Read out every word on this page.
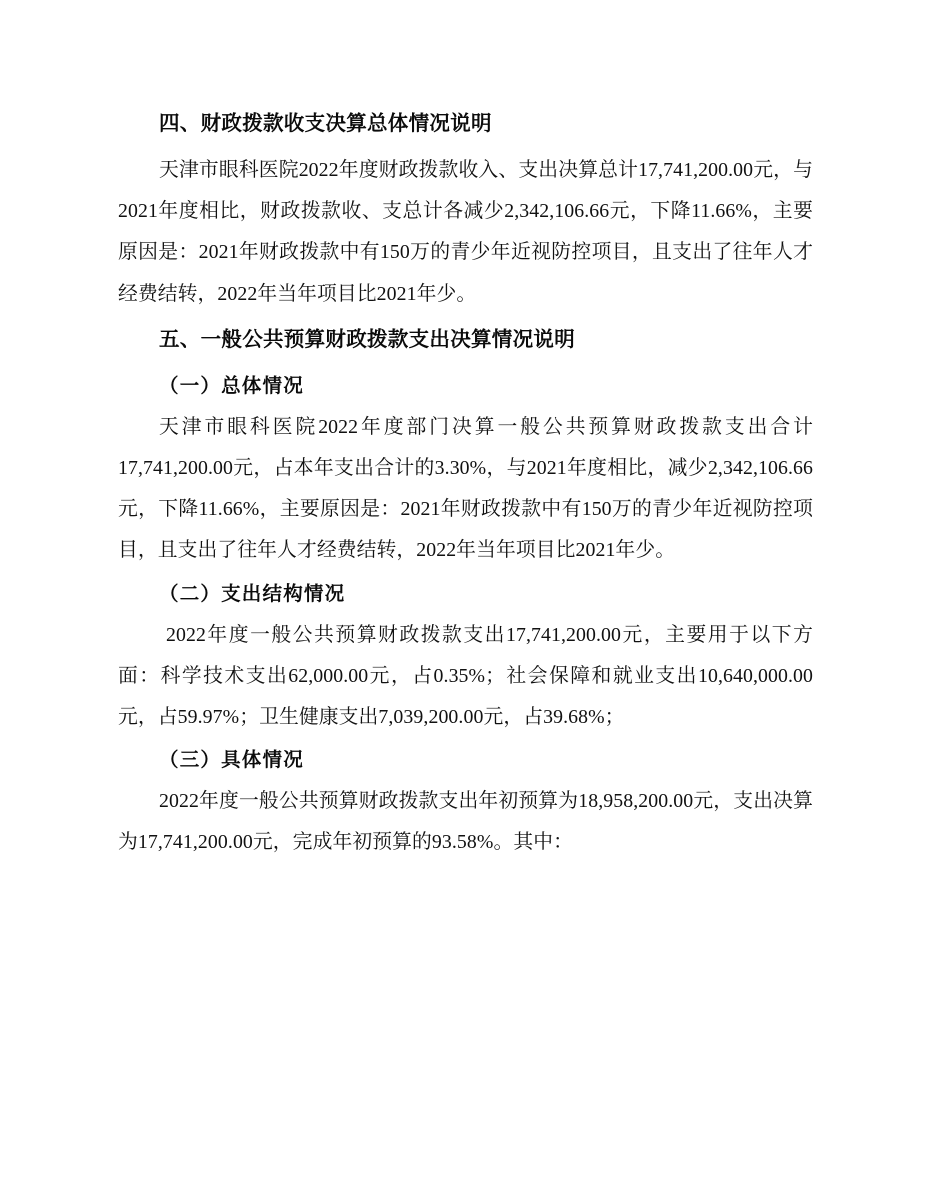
四、财政拨款收支决算总体情况说明

天津市眼科医院2022年度财政拨款收入、支出决算总计17,741,200.00元，与2021年度相比，财政拨款收、支总计各减少2,342,106.66元，下降11.66%，主要原因是：2021年财政拨款中有150万的青少年近视防控项目，且支出了往年人才经费结转，2022年当年项目比2021年少。

五、一般公共预算财政拨款支出决算情况说明
（一）总体情况

天津市眼科医院2022年度部门决算一般公共预算财政拨款支出合计17,741,200.00元，占本年支出合计的3.30%，与2021年度相比，减少2,342,106.66元，下降11.66%，主要原因是：2021年财政拨款中有150万的青少年近视防控项目，且支出了往年人才经费结转，2022年当年项目比2021年少。

（二）支出结构情况

2022年度一般公共预算财政拨款支出17,741,200.00元，主要用于以下方面：科学技术支出62,000.00元，占0.35%；社会保障和就业支出10,640,000.00元，占59.97%；卫生健康支出7,039,200.00元，占39.68%；

（三）具体情况

2022年度一般公共预算财政拨款支出年初预算为18,958,200.00元，支出决算为17,741,200.00元，完成年初预算的93.58%。其中：
